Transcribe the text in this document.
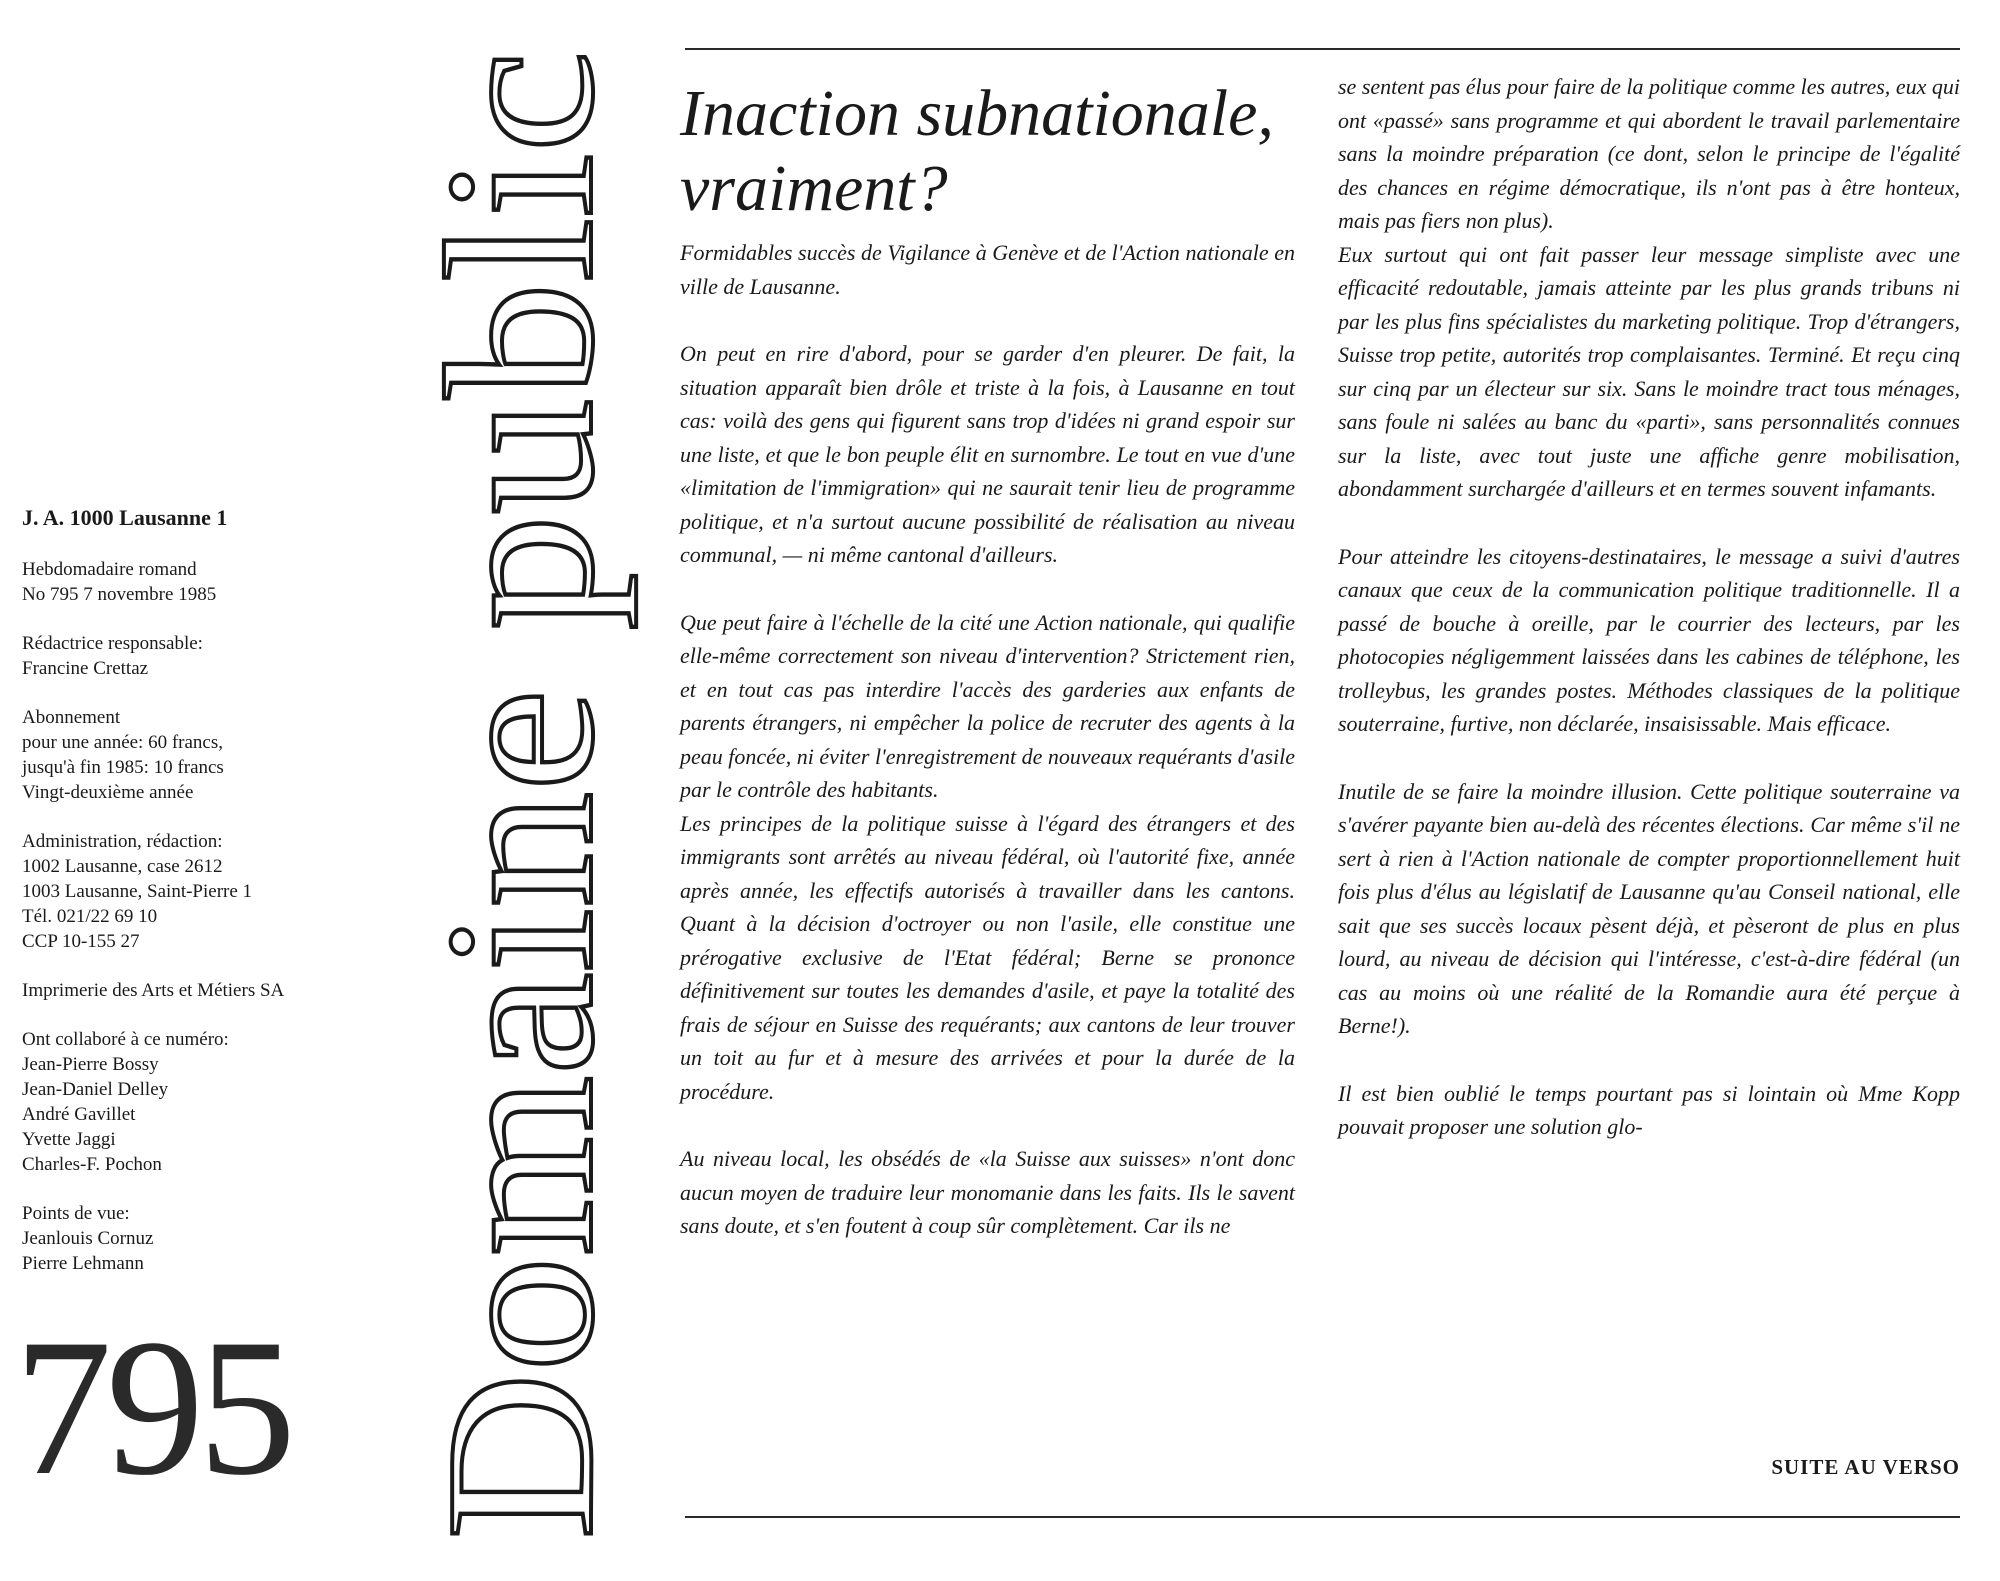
J. A. 1000 Lausanne 1
Hebdomadaire romand
No 795 7 novembre 1985
Rédactrice responsable:
Francine Crettaz
Abonnement
pour une année: 60 francs,
jusqu'à fin 1985: 10 francs
Vingt-deuxième année
Administration, rédaction:
1002 Lausanne, case 2612
1003 Lausanne, Saint-Pierre 1
Tél. 021/22 69 10
CCP 10-155 27
Imprimerie des Arts et Métiers SA
Ont collaboré à ce numéro:
Jean-Pierre Bossy
Jean-Daniel Delley
André Gavillet
Yvette Jaggi
Charles-F. Pochon
Points de vue:
Jeanlouis Cornuz
Pierre Lehmann
795 Domaine public
Inaction subnationale, vraiment?

Formidables succès de Vigilance à Genève et de l'Action nationale en ville de Lausanne.

On peut en rire d'abord, pour se garder d'en pleurer. De fait, la situation apparaît bien drôle et triste à la fois, à Lausanne en tout cas: voilà des gens qui figurent sans trop d'idées ni grand espoir sur une liste, et que le bon peuple élit en surnombre. Le tout en vue d'une «limitation de l'immigration» qui ne saurait tenir lieu de programme politique, et n'a surtout aucune possibilité de réalisation au niveau communal, — ni même cantonal d'ailleurs.

Que peut faire à l'échelle de la cité une Action nationale, qui qualifie elle-même correctement son niveau d'intervention? Strictement rien, et en tout cas pas interdire l'accès des garderies aux enfants de parents étrangers, ni empêcher la police de recruter des agents à la peau foncée, ni éviter l'enregistrement de nouveaux requérants d'asile par le contrôle des habitants.

Les principes de la politique suisse à l'égard des étrangers et des immigrants sont arrêtés au niveau fédéral, où l'autorité fixe, année après année, les effectifs autorisés à travailler dans les cantons. Quant à la décision d'octroyer ou non l'asile, elle constitue une prérogative exclusive de l'Etat fédéral; Berne se prononce définitivement sur toutes les demandes d'asile, et paye la totalité des frais de séjour en Suisse des requérants; aux cantons de leur trouver un toit au fur et à mesure des arrivées et pour la durée de la procédure.

Au niveau local, les obsédés de «la Suisse aux suisses» n'ont donc aucun moyen de traduire leur monomanie dans les faits. Ils le savent sans doute, et s'en foutent à coup sûr complètement. Car ils ne

se sentent pas élus pour faire de la politique comme les autres, eux qui ont «passé» sans programme et qui abordent le travail parlementaire sans la moindre préparation (ce dont, selon le principe de l'égalité des chances en régime démocratique, ils n'ont pas à être honteux, mais pas fiers non plus).

Eux surtout qui ont fait passer leur message simpliste avec une efficacité redoutable, jamais atteinte par les plus grands tribuns ni par les plus fins spécialistes du marketing politique. Trop d'étrangers, Suisse trop petite, autorités trop complaisantes. Terminé. Et reçu cinq sur cinq par un électeur sur six. Sans le moindre tract tous ménages, sans foule ni salées au banc du «parti», sans personnalités connues sur la liste, avec tout juste une affiche genre mobilisation, abondamment surchargée d'ailleurs et en termes souvent infamants.

Pour atteindre les citoyens-destinataires, le message a suivi d'autres canaux que ceux de la communication politique traditionnelle. Il a passé de bouche à oreille, par le courrier des lecteurs, par les photocopies négligemment laissées dans les cabines de téléphone, les trolleybus, les grandes postes. Méthodes classiques de la politique souterraine, furtive, non déclarée, insaisissable. Mais efficace.

Inutile de se faire la moindre illusion. Cette politique souterraine va s'avérer payante bien au-delà des récentes élections. Car même s'il ne sert à rien à l'Action nationale de compter proportionnellement huit fois plus d'élus au législatif de Lausanne qu'au Conseil national, elle sait que ses succès locaux pèsent déjà, et pèseront de plus en plus lourd, au niveau de décision qui l'intéresse, c'est-à-dire fédéral (un cas au moins où une réalité de la Romandie aura été perçue à Berne!).

Il est bien oublié le temps pourtant pas si lointain où Mme Kopp pouvait proposer une solution glo-

SUITE AU VERSO
